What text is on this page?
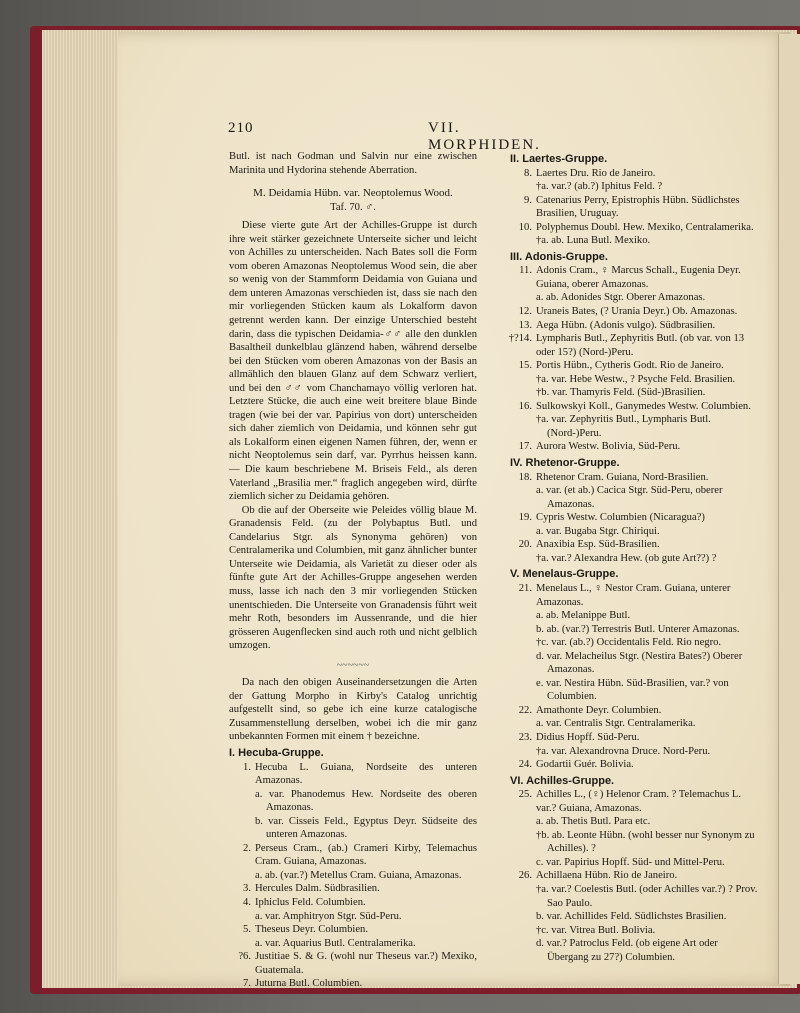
210	VII. MORPHIDEN.

Butl. ist nach Godman und Salvin nur eine zwischen Marinita und Hydorina stehende Aberration.

M. Deidamia Hübn. var. Neoptolemus Wood.
Taf. 70. ♂.

Diese vierte gute Art der Achilles-Gruppe ist durch ihre weit stärker gezeichnete Unterseite sicher und leicht von Achilles zu unterscheiden. Nach Bates soll die Form vom oberen Amazonas Neoptolemus Wood sein, die aber so wenig von der Stammform Deidamia von Guiana und dem unteren Amazonas verschieden ist, dass sie nach den mir vorliegenden Stücken kaum als Lokalform davon getrennt werden kann. Der einzige Unterschied besteht darin, dass die typischen Deidamia-♂♂ alle den dunklen Basaltheil dunkelblau glänzend haben, während derselbe bei den Stücken vom oberen Amazonas von der Basis an allmählich den blauen Glanz auf dem Schwarz verliert, und bei den ♂♂ vom Chanchamayo völlig verloren hat. Letztere Stücke, die auch eine weit breitere blaue Binde tragen (wie bei der var. Papirius von dort) unterscheiden sich daher ziemlich von Deidamia, und können sehr gut als Lokalform einen eigenen Namen führen, der, wenn er nicht Neoptolemus sein darf, var. Pyrrhus heissen kann. — Die kaum beschriebene M. Briseis Feld., als deren Vaterland „Brasilia mer.“ fraglich angegeben wird, dürfte ziemlich sicher zu Deidamia gehören.

Ob die auf der Oberseite wie Peleides völlig blaue M. Granadensis Feld. (zu der Polybaptus Butl. und Candelarius Stgr. als Synonyma gehören) von Centralamerika und Columbien, mit ganz ähnlicher bunter Unterseite wie Deidamia, als Varietät zu dieser oder als fünfte gute Art der Achilles-Gruppe angesehen werden muss, lasse ich nach den 3 mir vorliegenden Stücken unentschieden. Die Unterseite von Granadensis führt weit mehr Roth, besonders im Aussenrande, und die hier grösseren Augenflecken sind auch roth und nicht gelblich umzogen.

~~~~~~

Da nach den obigen Auseinandersetzungen die Arten der Gattung Morpho in Kirby's Catalog unrichtig aufgestellt sind, so gebe ich eine kurze catalogische Zusammenstellung derselben, wobei ich die mir ganz unbekannten Formen mit einem † bezeichne.

I. Hecuba-Gruppe.
1. Hecuba L. Guiana, Nordseite des unteren Amazonas.
a. var. Phanodemus Hew. Nordseite des oberen Amazonas.
b. var. Cisseis Feld., Egyptus Deyr. Südseite des unteren Amazonas.
2. Perseus Cram., (ab.) Crameri Kirby, Telemachus Cram. Guiana, Amazonas.
a. ab. (var.?) Metellus Cram. Guiana, Amazonas.
3. Hercules Dalm. Südbrasilien.
4. Iphiclus Feld. Columbien.
a. var. Amphitryon Stgr. Süd-Peru.
5. Theseus Deyr. Columbien.
a. var. Aquarius Butl. Centralamerika.
?6. Justitiae S. & G. (wohl nur Theseus var.?) Mexiko, Guatemala.
7. Juturna Butl. Columbien.
II. Laertes-Gruppe.
8. Laertes Dru. Rio de Janeiro.
†a. var.? (ab.?) Iphitus Feld. ?
9. Catenarius Perry, Epistrophis Hübn. Südlichstes Brasilien, Uruguay.
10. Polyphemus Doubl. Hew. Mexiko, Centralamerika.
†a. ab. Luna Butl. Mexiko.
III. Adonis-Gruppe.
11. Adonis Cram., ♀ Marcus Schall., Eugenia Deyr. Guiana, oberer Amazonas.
a. ab. Adonides Stgr. Oberer Amazonas.
12. Uraneis Bates, (? Urania Deyr.) Ob. Amazonas.
13. Aega Hübn. (Adonis vulgo). Südbrasilien.
†?14. Lympharis Butl., Zephyritis Butl. (ob var. von 13 oder 15?) (Nord-)Peru.
15. Portis Hübn., Cytheris Godt. Rio de Janeiro.
†a. var. Hebe Westw., ? Psyche Feld. Brasilien.
†b. var. Thamyris Feld. (Süd-)Brasilien.
16. Sulkowskyi Koll., Ganymedes Westw. Columbien.
†a. var. Zephyritis Butl., Lympharis Butl. (Nord-)Peru.
17. Aurora Westw. Bolivia, Süd-Peru.
IV. Rhetenor-Gruppe.
18. Rhetenor Cram. Guiana, Nord-Brasilien.
a. var. (et ab.) Cacica Stgr. Süd-Peru, oberer Amazonas.
19. Cypris Westw. Columbien (Nicaragua?)
a. var. Bugaba Stgr. Chiriqui.
20. Anaxibia Esp. Süd-Brasilien.
†a. var.? Alexandra Hew. (ob gute Art??) ?
V. Menelaus-Gruppe.
21. Menelaus L., ♀ Nestor Cram. Guiana, unterer Amazonas.
a. ab. Melanippe Butl.
b. ab. (var.?) Terrestris Butl. Unterer Amazonas.
†c. var. (ab.?) Occidentalis Feld. Rio negro.
d. var. Melacheilus Stgr. (Nestira Bates?) Oberer Amazonas.
e. var. Nestira Hübn. Süd-Brasilien, var.? von Columbien.
22. Amathonte Deyr. Columbien.
a. var. Centralis Stgr. Centralamerika.
23. Didius Hopff. Süd-Peru.
†a. var. Alexandrovna Druce. Nord-Peru.
24. Godartii Guér. Bolivia.
VI. Achilles-Gruppe.
25. Achilles L., (♀) Helenor Cram. ? Telemachus L. var.? Guiana, Amazonas.
a. ab. Thetis Butl. Para etc.
†b. ab. Leonte Hübn. (wohl besser nur Synonym zu Achilles). ?
c. var. Papirius Hopff. Süd- und Mittel-Peru.
26. Achillaena Hübn. Rio de Janeiro.
†a. var.? Coelestis Butl. (oder Achilles var.?) ? Prov. Sao Paulo.
b. var. Achillides Feld. Südlichstes Brasilien.
†c. var. Vitrea Butl. Bolivia.
d. var.? Patroclus Feld. (ob eigene Art oder Übergang zu 27?) Columbien.
